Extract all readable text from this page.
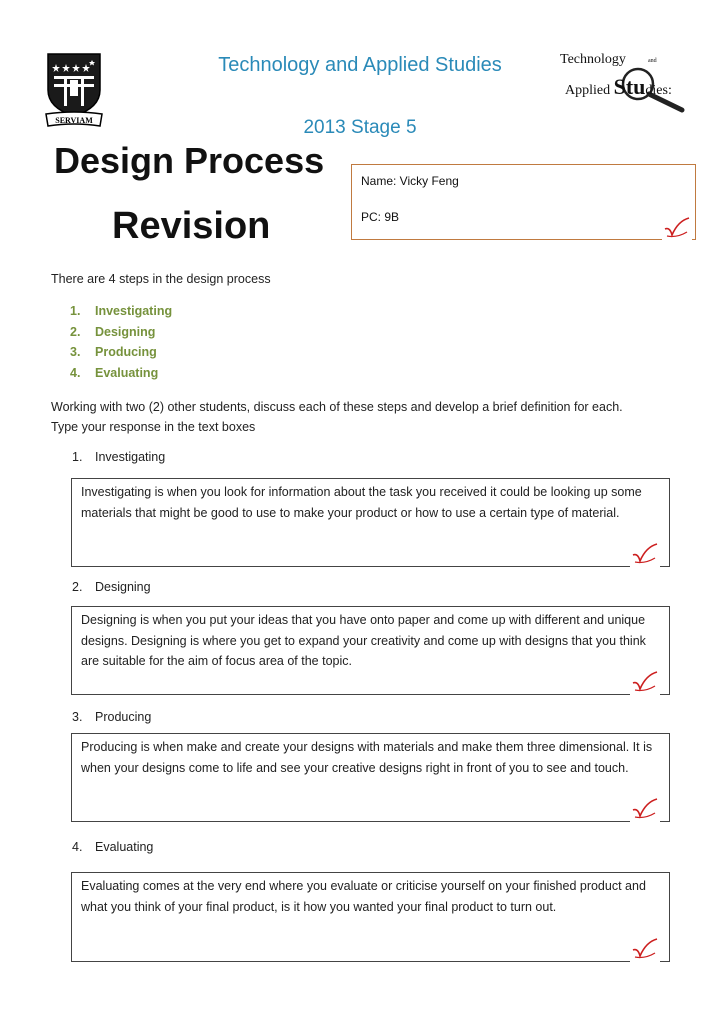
SERVIAM
Technology and Applied Studies
2013 Stage 5
Technology	and
Applied Studies:
Design Process
Revision
Name: Vicky Feng
PC: 9B
There are 4 steps in the design process
1. Investigating
2. Designing
3. Producing
4. Evaluating
Working with two (2) other students, discuss each of these steps and develop a brief definition for each.
Type your response in the text boxes
1. Investigating
Investigating is when you look for information about the task you received it could be looking up some materials that might be good to use to make your product or how to use a certain type of material.
2. Designing
Designing is when you put your ideas that you have onto paper and come up with different and unique designs. Designing is where you get to expand your creativity and come up with designs that you think are suitable for the aim of focus area of the topic.
3. Producing
Producing is when make and create your designs with materials and make them three dimensional. It is when your designs come to life and see your creative designs right in front of you to see and touch.
4. Evaluating
Evaluating comes at the very end where you evaluate or criticise yourself on your finished product and what you think of your final product, is it how you wanted your final product to turn out.
